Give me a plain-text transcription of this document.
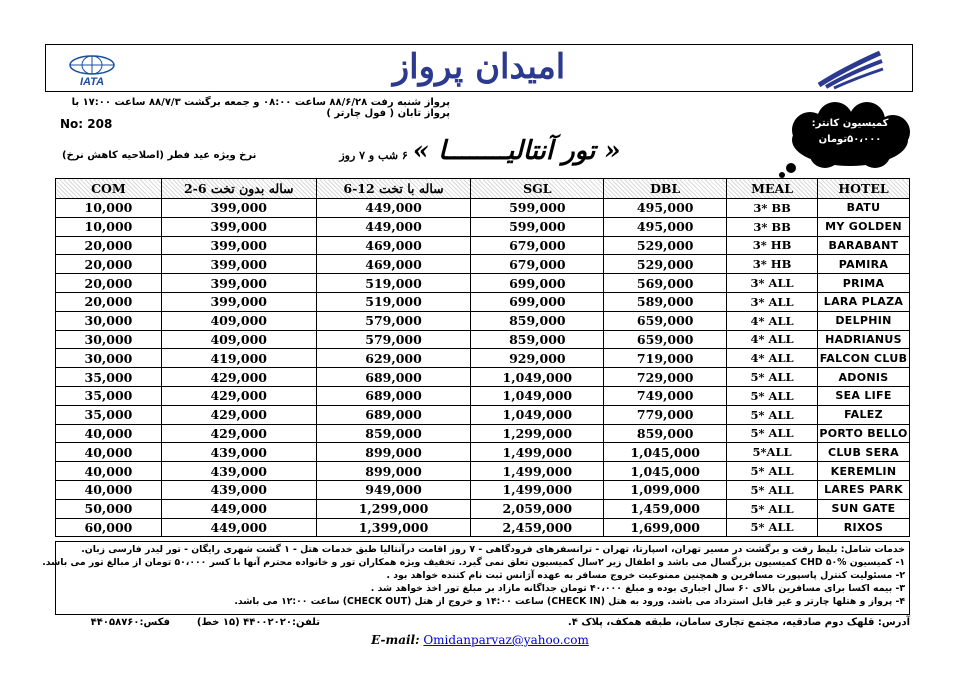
IATA	امیدان پرواز
پرواز شنبه رفت ۸۸/۶/۲۸ ساعت ۰۸:۰۰ و جمعه برگشت ۸۸/۷/۳ ساعت ۱۷:۰۰ با پرواز تابان ( فول چارتر )
No: 208	کمیسیون کانتر:
۵۰،۰۰۰تومان
نرخ ویژه عید فطر (اصلاحیه کاهش نرخ)	« تور آنتالیــــــــا » ۶ شب و ۷ روز
COM	2-6 ساله بدون تخت	6-12 ساله با تخت	SGL	DBL	MEAL	HOTEL
10,000	399,000	449,000	599,000	495,000	3* BB	BATU
10,000	399,000	449,000	599,000	495,000	3* BB	MY GOLDEN
20,000	399,000	469,000	679,000	529,000	3* HB	BARABANT
20,000	399,000	469,000	679,000	529,000	3* HB	PAMIRA
20,000	399,000	519,000	699,000	569,000	3* ALL	PRIMA
20,000	399,000	519,000	699,000	589,000	3* ALL	LARA PLAZA
30,000	409,000	579,000	859,000	659,000	4* ALL	DELPHIN
30,000	409,000	579,000	859,000	659,000	4* ALL	HADRIANUS
30,000	419,000	629,000	929,000	719,000	4* ALL	FALCON CLUB
35,000	429,000	689,000	1,049,000	729,000	5* ALL	ADONIS
35,000	429,000	689,000	1,049,000	749,000	5* ALL	SEA LIFE
35,000	429,000	689,000	1,049,000	779,000	5* ALL	FALEZ
40,000	429,000	859,000	1,299,000	859,000	5* ALL	PORTO BELLO
40,000	439,000	899,000	1,499,000	1,045,000	5*ALL	CLUB SERA
40,000	439,000	899,000	1,499,000	1,045,000	5* ALL	KEREMLIN
40,000	439,000	949,000	1,499,000	1,099,000	5* ALL	LARES PARK
50,000	449,000	1,299,000	2,059,000	1,459,000	5* ALL	SUN GATE
60,000	449,000	1,399,000	2,459,000	1,699,000	5* ALL	RIXOS
خدمات شامل: بلیط رفت و برگشت در مسیر تهران، اسپارتا، تهران - ترانسفرهای فرودگاهی - ۷ روز اقامت درآنتالیا طبق خدمات هتل - ۱ گشت شهری رایگان - تور لیدر فارسی زبان.
۱- کمیسیون CHD ۵۰% کمیسیون بزرگسال می باشد و اطفال زیر ۲سال کمیسیون تعلق نمی گیرد. تخفیف ویژه همکاران تور و خانواده محترم آنها با کسر ۵۰،۰۰۰ تومان از مبالغ تور می باشد.
۲- مسئولیت کنترل پاسپورت مسافرین و همچنین ممنوعیت خروج مسافر به عهده آژانس ثبت نام کننده خواهد بود .
۳- بیمه اکسا برای مسافرین بالای ۶۰ سال اجباری بوده و مبلغ ۴۰،۰۰۰ تومان جداگانه مازاد بر مبلغ تور اخذ خواهد شد .
۴- پرواز و هتلها چارتر و غیر قابل استرداد می باشد. ورود به هتل (CHECK IN) ساعت ۱۴:۰۰ و خروج از هتل (CHECK OUT) ساعت ۱۲:۰۰ می باشد.
آدرس: قلهک دوم صادقیه، مجتمع تجاری سامان، طبقه همکف، پلاک ۴.
تلفن:۴۴۰۰۲۰۲۰ (۱۵ خط)
فکس:۴۴۰۵۸۷۶۰
E-mail: Omidanparvaz@yahoo.com
